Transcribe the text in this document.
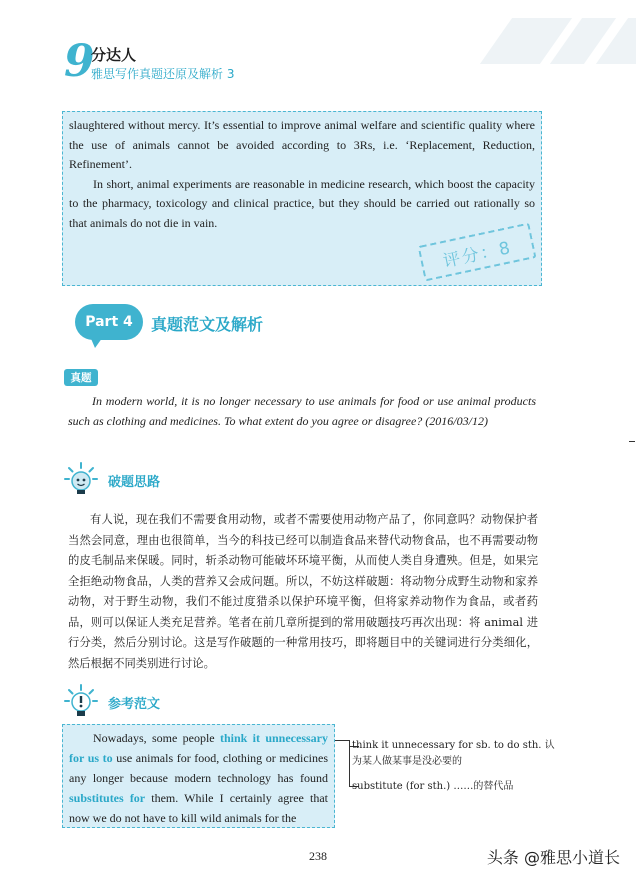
9
分达人
雅思写作真题还原及解析 3

slaughtered without mercy. It’s essential to improve animal welfare and scientific quality where the use of animals cannot be avoided according to 3Rs, i.e. ‘Replacement, Reduction, Refinement’.

In short, animal experiments are reasonable in medicine research, which boost the capacity to the pharmacy, toxicology and clinical practice, but they should be carried out rationally so that animals do not die in vain.

评分：8
Part 4	真题范文及解析
真题

In modern world, it is no longer necessary to use animals for food or use animal products such as clothing and medicines. To what extent do you agree or disagree? (2016/03/12)

破题思路

有人说，现在我们不需要食用动物，或者不需要使用动物产品了，你同意吗？动物保护者当然会同意，理由也很简单，当今的科技已经可以制造食品来替代动物食品，也不再需要动物的皮毛制品来保暖。同时，斩杀动物可能破坏环境平衡，从而使人类自身遭殃。但是，如果完全拒绝动物食品，人类的营养又会成问题。所以，不妨这样破题：将动物分成野生动物和家养动物，对于野生动物，我们不能过度猎杀以保护环境平衡，但将家养动物作为食品，或者药品，则可以保证人类充足营养。笔者在前几章所提到的常用破题技巧再次出现：将 animal 进行分类，然后分别讨论。这是写作破题的一种常用技巧，即将题目中的关键词进行分类细化，然后根据不同类别进行讨论。

参考范文

Nowadays, some people think it unnecessary for us to use animals for food, clothing or medicines any longer because modern technology has found substitutes for them. While I certainly agree that now we do not have to kill wild animals for the

think it unnecessary for sb. to do sth. 认
为某人做某事是没必要的
substitute (for sth.) ……的替代品
238	头条 @雅思小道长
